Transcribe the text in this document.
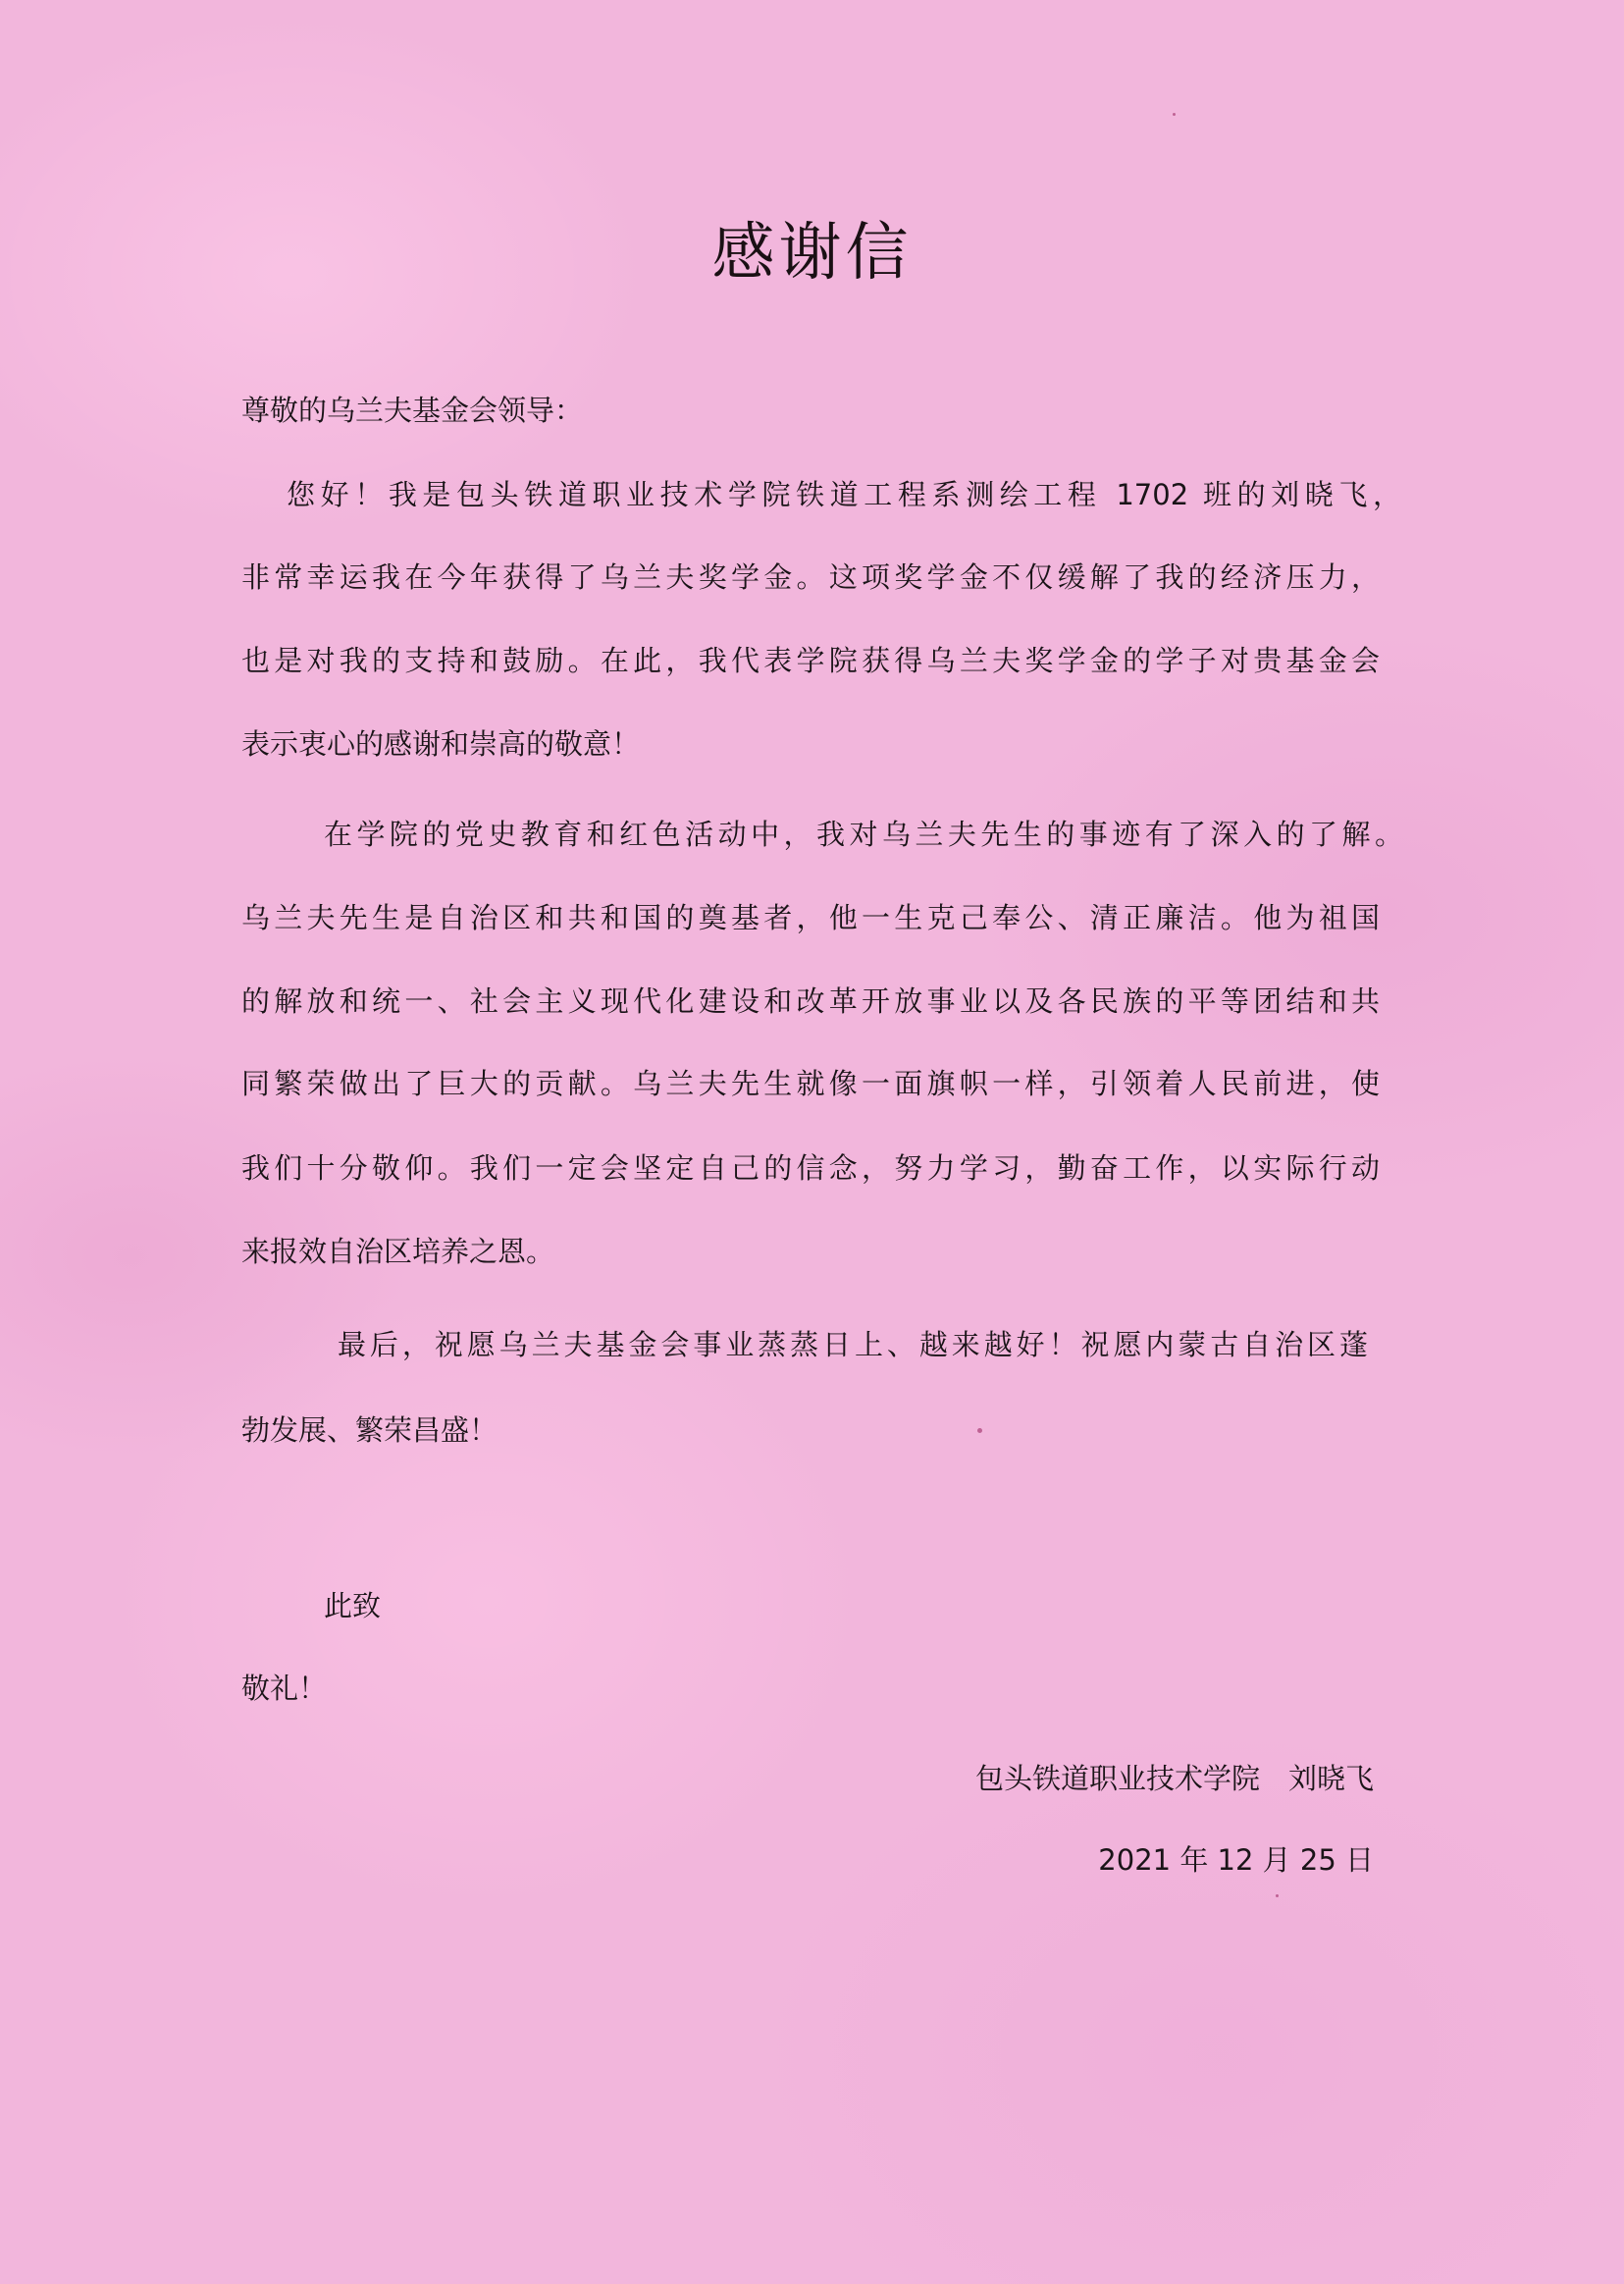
感谢信
尊敬的乌兰夫基金会领导：
您好！我是包头铁道职业技术学院铁道工程系测绘工程 1702 班的刘晓飞，
非常幸运我在今年获得了乌兰夫奖学金。这项奖学金不仅缓解了我的经济压力，
也是对我的支持和鼓励。在此，我代表学院获得乌兰夫奖学金的学子对贵基金会
表示衷心的感谢和崇高的敬意！
在学院的党史教育和红色活动中，我对乌兰夫先生的事迹有了深入的了解。
乌兰夫先生是自治区和共和国的奠基者，他一生克己奉公、清正廉洁。他为祖国
的解放和统一、社会主义现代化建设和改革开放事业以及各民族的平等团结和共
同繁荣做出了巨大的贡献。乌兰夫先生就像一面旗帜一样，引领着人民前进，使
我们十分敬仰。我们一定会坚定自己的信念，努力学习，勤奋工作，以实际行动
来报效自治区培养之恩。
最后，祝愿乌兰夫基金会事业蒸蒸日上、越来越好！祝愿内蒙古自治区蓬
勃发展、繁荣昌盛！
此致
敬礼！
包头铁道职业技术学院　刘晓飞
2021 年 12 月 25 日
